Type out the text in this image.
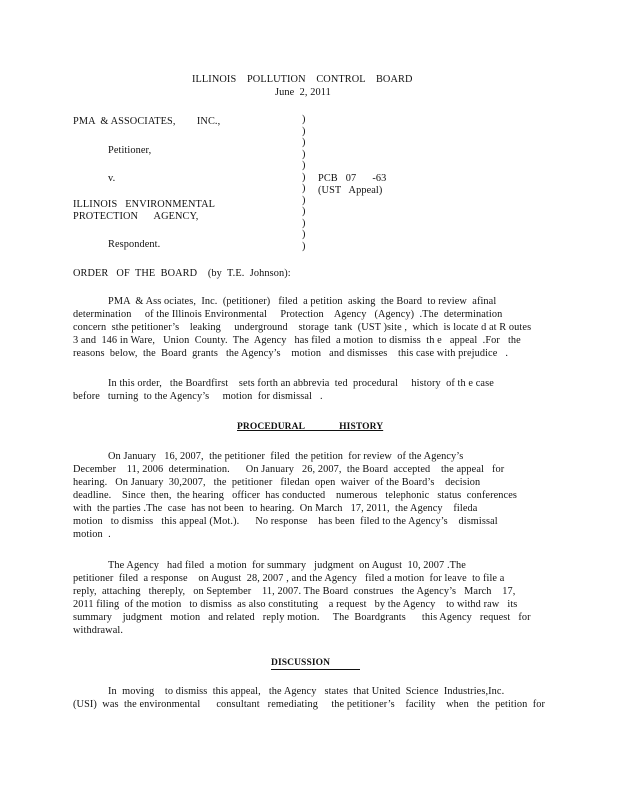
ILLINOIS    POLLUTION    CONTROL    BOARD
June  2, 2011
PMA  & ASSOCIATES,        INC.,
Petitioner,
v.
ILLINOIS   ENVIRONMENTAL
PROTECTION      AGENCY,
Respondent.
)
)
)
)
)
)
)
)
)
)
)
)
PCB   07      -63
(UST   Appeal)
ORDER   OF  THE  BOARD    (by  T.E.  Johnson):
PMA  & Ass ociates,  Inc.  (petitioner)   filed  a petition  asking  the Board  to review  afinal
determination     of the Illinois Environmental     Protection    Agency   (Agency)  .The  determination
concern  sthe petitioner’s    leaking     underground    storage  tank  (UST )site ,  which  is locate d at R outes
3 and  146 in Ware,   Union  County.  The  Agency   has filed  a motion  to dismiss  th e   appeal  .For   the
reasons  below,  the  Board  grants   the Agency’s    motion   and dismisses    this case with prejudice   .
In this order,   the Boardfirst    sets forth an abbrevia  ted  procedural     history  of th e case
before   turning  to the Agency’s     motion  for dismissal   .
PROCEDURAL              HISTORY
On January   16, 2007,  the petitioner  filed  the petition  for review  of the Agency’s
December    11, 2006  determination.      On January   26, 2007,  the Board  accepted    the appeal   for
hearing.   On January  30,2007,   the  petitioner   filedan  open  waiver  of the Board’s    decision
deadline.    Since  then,  the hearing   officer  has conducted    numerous   telephonic   status  conferences
with  the parties .The  case  has not been  to hearing.  On March   17, 2011,  the Agency    fileda
motion   to dismiss   this appeal (Mot.).      No response    has been  filed to the Agency’s    dismissal
motion  .
The Agency   had filed  a motion  for summary   judgment  on August  10, 2007 .The
petitioner  filed  a response    on August  28, 2007 , and the Agency   filed a motion  for leave  to file a
reply,  attaching   thereply,   on September    11, 2007. The Board  construes   the Agency’s   March    17,
2011 filing  of the motion   to dismiss  as also constituting    a request   by the Agency    to withd raw   its
summary    judgment   motion   and related   reply motion.     The  Boardgrants      this Agency   request   for
withdrawal.
DISCUSSION
In  moving    to dismiss  this appeal,   the Agency   states  that United  Science  Industries,Inc.
(USI)  was  the environmental      consultant   remediating     the petitioner’s    facility    when   the  petition  for
